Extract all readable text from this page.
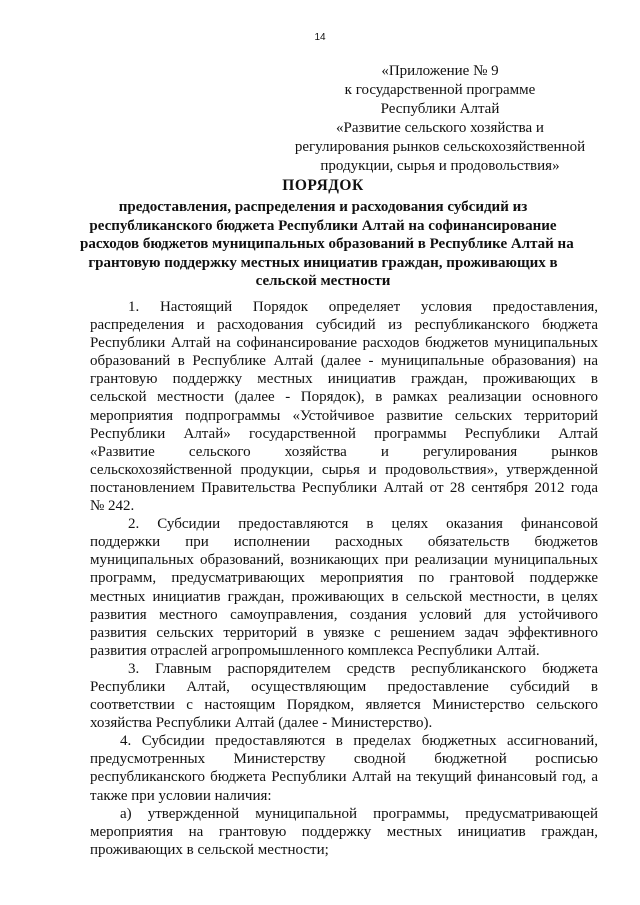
14
«Приложение № 9
к государственной программе
Республики Алтай
«Развитие сельского хозяйства и
регулирования рынков сельскохозяйственной
продукции, сырья и продовольствия»
ПОРЯДОК
предоставления, распределения и расходования субсидий из
республиканского бюджета Республики Алтай на софинансирование
расходов бюджетов муниципальных образований в Республике Алтай на
грантовую поддержку местных инициатив граждан, проживающих в
сельской местности
1. Настоящий Порядок определяет условия предоставления,
распределения и расходования субсидий из республиканского бюджета
Республики Алтай на софинансирование расходов бюджетов муниципальных
образований в Республике Алтай (далее - муниципальные образования) на
грантовую поддержку местных инициатив граждан, проживающих в
сельской местности (далее - Порядок), в рамках реализации основного
мероприятия подпрограммы «Устойчивое развитие сельских территорий
Республики Алтай» государственной программы Республики Алтай
«Развитие сельского хозяйства и регулирования рынков
сельскохозяйственной продукции, сырья и продовольствия», утвержденной
постановлением Правительства Республики Алтай от 28 сентября 2012 года
№ 242.
2. Субсидии предоставляются в целях оказания финансовой
поддержки при исполнении расходных обязательств бюджетов
муниципальных образований, возникающих при реализации муниципальных
программ, предусматривающих мероприятия по грантовой поддержке
местных инициатив граждан, проживающих в сельской местности, в целях
развития местного самоуправления, создания условий для устойчивого
развития сельских территорий в увязке с решением задач эффективного
развития отраслей агропромышленного комплекса Республики Алтай.
3. Главным распорядителем средств республиканского бюджета
Республики Алтай, осуществляющим предоставление субсидий в
соответствии с настоящим Порядком, является Министерство сельского
хозяйства Республики Алтай (далее - Министерство).
4. Субсидии предоставляются в пределах бюджетных ассигнований,
предусмотренных Министерству сводной бюджетной росписью
республиканского бюджета Республики Алтай на текущий финансовый год, а
также при условии наличия:
а) утвержденной муниципальной программы, предусматривающей
мероприятия на грантовую поддержку местных инициатив граждан,
проживающих в сельской местности;
